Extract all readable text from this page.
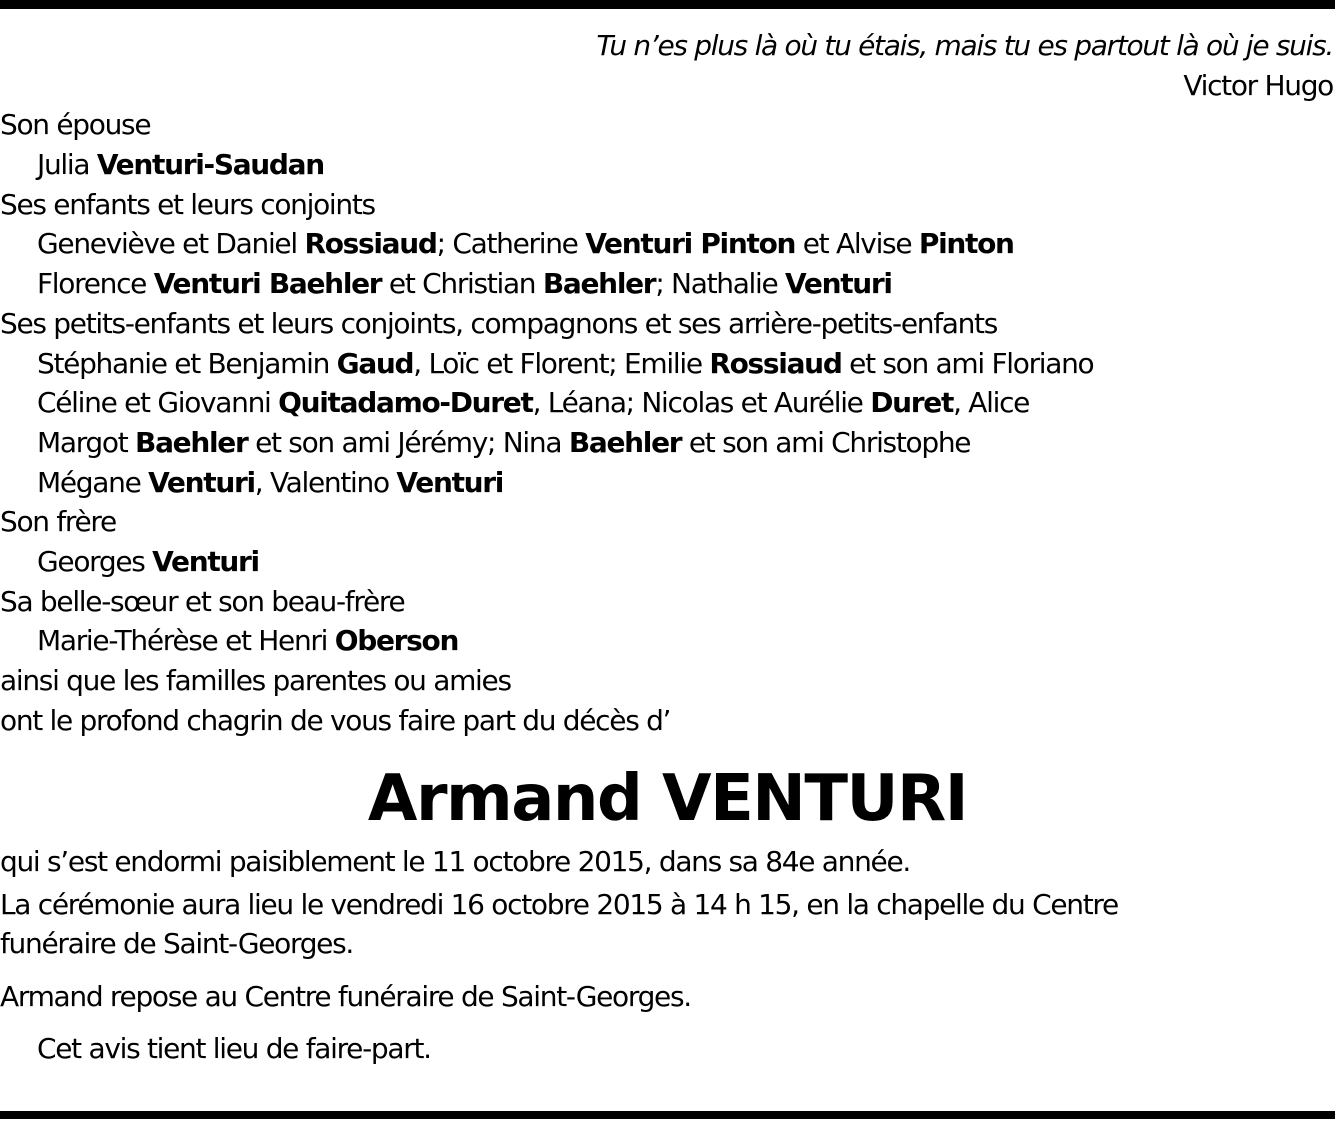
Tu n’es plus là où tu étais, mais tu es partout là où je suis.
Victor Hugo
Son épouse
Julia Venturi-Saudan
Ses enfants et leurs conjoints
Geneviève et Daniel Rossiaud; Catherine Venturi Pinton et Alvise Pinton
Florence Venturi Baehler et Christian Baehler; Nathalie Venturi
Ses petits-enfants et leurs conjoints, compagnons et ses arrière-petits-enfants
Stéphanie et Benjamin Gaud, Loïc et Florent; Emilie Rossiaud et son ami Floriano
Céline et Giovanni Quitadamo-Duret, Léana; Nicolas et Aurélie Duret, Alice
Margot Baehler et son ami Jérémy; Nina Baehler et son ami Christophe
Mégane Venturi, Valentino Venturi
Son frère
Georges Venturi
Sa belle-sœur et son beau-frère
Marie-Thérèse et Henri Oberson
ainsi que les familles parentes ou amies
ont le profond chagrin de vous faire part du décès d’
Armand VENTURI
qui s’est endormi paisiblement le 11 octobre 2015, dans sa 84e année.
La cérémonie aura lieu le vendredi 16 octobre 2015 à 14 h 15, en la chapelle du Centre
funéraire de Saint-Georges.
Armand repose au Centre funéraire de Saint-Georges.
Cet avis tient lieu de faire-part.
